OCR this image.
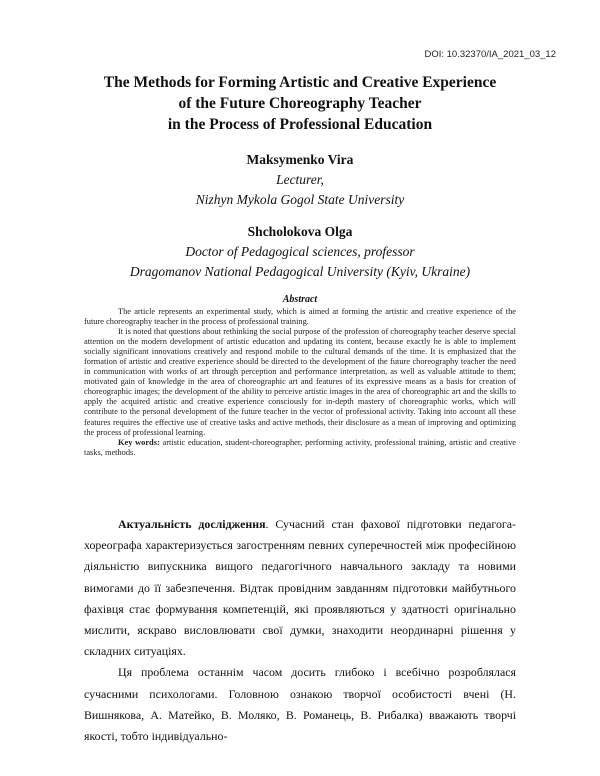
DOI: 10.32370/IA_2021_03_12
The Methods for Forming Artistic and Creative Experience
of the Future Choreography Teacher
in the Process of Professional Education
Maksymenko Vira
Lecturer,
Nizhyn Mykola Gogol State University
Shcholokova Olga
Doctor of Pedagogical sciences, professor
Dragomanov National Pedagogical University (Kyiv, Ukraine)
Abstract

The article represents an experimental study, which is aimed at forming the artistic and creative experience of the future choreography teacher in the process of professional training.

It is noted that questions about rethinking the social purpose of the profession of choreography teacher deserve special attention on the modern development of artistic education and updating its content, because exactly he is able to implement socially significant innovations creatively and respond mobile to the cultural demands of the time. It is emphasized that the formation of artistic and creative experience should be directed to the development of the future choreography teacher the need in communication with works of art through perception and performance interpretation, as well as valuable attitude to them; motivated gain of knowledge in the area of choreographic art and features of its expressive means as a basis for creation of choreographic images; the development of the ability to perceive artistic images in the area of choreographic art and the skills to apply the acquired artistic and creative experience consciously for in-depth mastery of choreographic works, which will contribute to the personal development of the future teacher in the vector of professional activity. Taking into account all these features requires the effective use of creative tasks and active methods, their disclosure as a mean of improving and optimizing the process of professional learning.

Key words: artistic education, student-choreographer, performing activity, professional training, artistic and creative tasks, methods.

Актуальність дослідження. Сучасний стан фахової підготовки педагога-хореографа характеризується загостренням певних суперечностей між професійною діяльністю випускника вищого педагогічного навчального закладу та новими вимогами до її забезпечення. Відтак провідним завданням підготовки майбутнього фахівця стає формування компетенцій, які проявляються у здатності оригінально мислити, яскраво висловлювати свої думки, знаходити неординарні рішення у складних ситуаціях.

Ця проблема останнім часом досить глибоко і всебічно розроблялася сучасними психологами. Головною ознакою творчої особистості вчені (Н. Вишнякова, А. Матейко, В. Моляко, В. Романець, В. Рибалка) вважають творчі якості, тобто індивідуально-
